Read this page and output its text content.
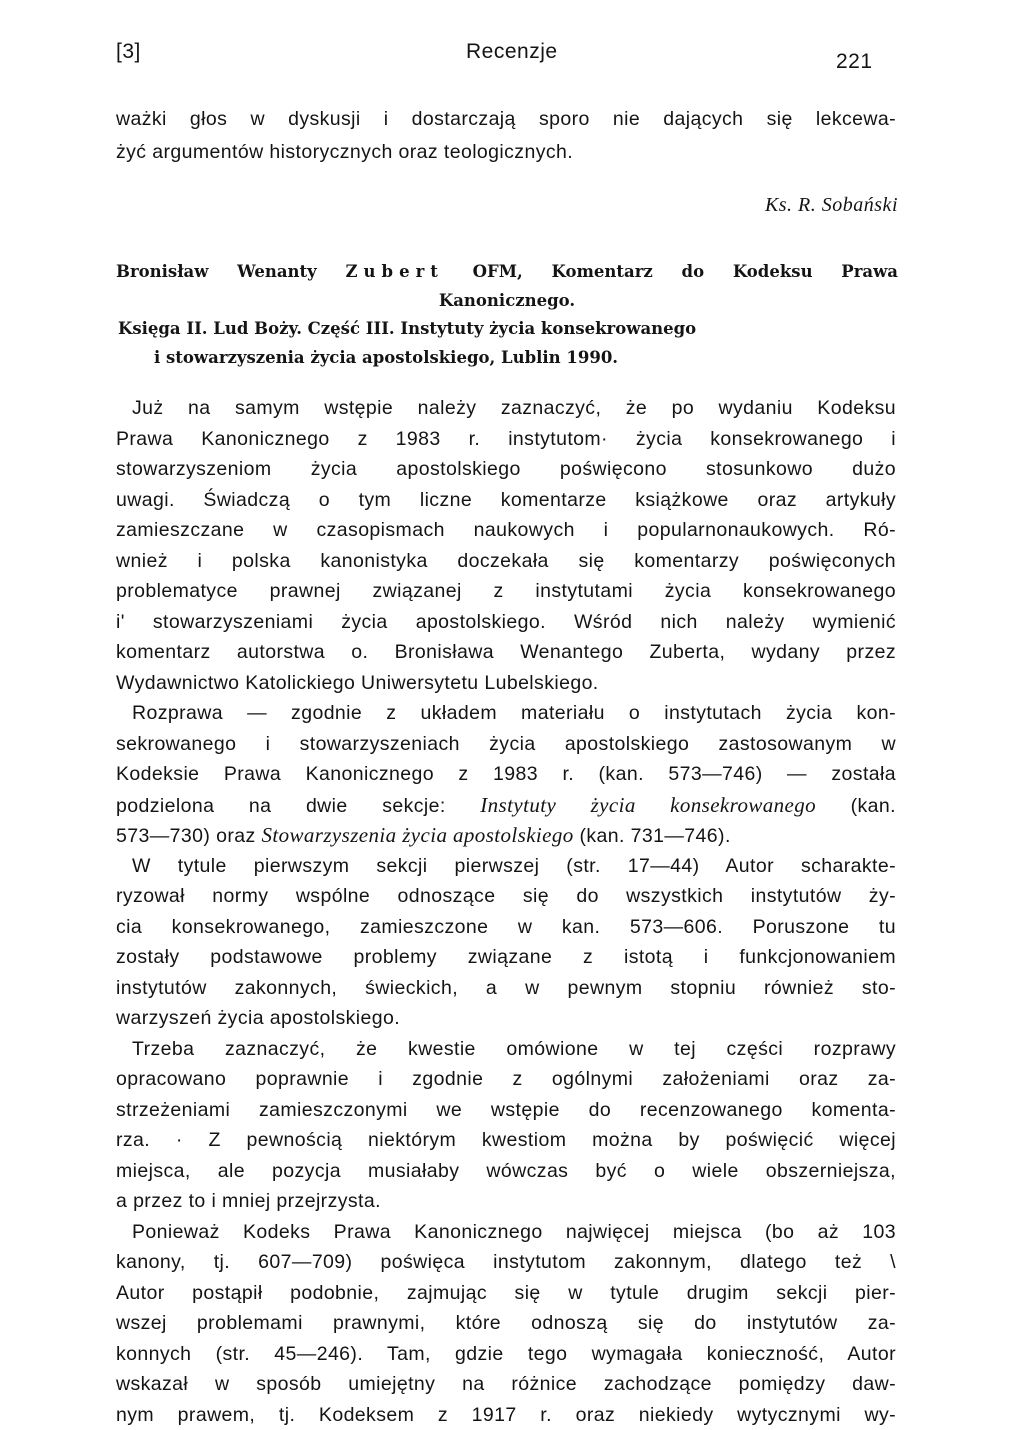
[3]	Recenzje	221
ważki głos w dyskusji i dostarczają sporo nie dających się lekcewa-
żyć argumentów historycznych oraz teologicznych.
Ks. R. Sobański
Bronisław Wenanty Zubert OFM, Komentarz do Kodeksu Prawa
Kanonicznego.
Księga II. Lud Boży. Część III. Instytuty życia konsekrowanego
i stowarzyszenia życia apostolskiego, Lublin 1990.
Już na samym wstępie należy zaznaczyć, że po wydaniu Kodeksu
Prawa Kanonicznego z 1983 r. instytutom· życia konsekrowanego i
stowarzyszeniom życia apostolskiego poświęcono stosunkowo dużo
uwagi. Świadczą o tym liczne komentarze książkowe oraz artykuły
zamieszczane w czasopismach naukowych i popularnonaukowych. Ró-
wnież i polska kanonistyka doczekała się komentarzy poświęconych
problematyce prawnej związanej z instytutami życia konsekrowanego
i' stowarzyszeniami życia apostolskiego. Wśród nich należy wymienić
komentarz autorstwa o. Bronisława Wenantego Zuberta, wydany przez
Wydawnictwo Katolickiego Uniwersytetu Lubelskiego.
Rozprawa — zgodnie z układem materiału o instytutach życia kon-
sekrowanego i stowarzyszeniach życia apostolskiego zastosowanym w
Kodeksie Prawa Kanonicznego z 1983 r. (kan. 573—746) — została
podzielona na dwie sekcje: Instytuty życia konsekrowanego (kan.
573—730) oraz Stowarzyszenia życia apostolskiego (kan. 731—746).
W tytule pierwszym sekcji pierwszej (str. 17—44) Autor scharakte-
ryzował normy wspólne odnoszące się do wszystkich instytutów ży-
cia konsekrowanego, zamieszczone w kan. 573—606. Poruszone tu
zostały podstawowe problemy związane z istotą i funkcjonowaniem
instytutów zakonnych, świeckich, a w pewnym stopniu również sto-
warzyszeń życia apostolskiego.
Trzeba zaznaczyć, że kwestie omówione w tej części rozprawy
opracowano poprawnie i zgodnie z ogólnymi założeniami oraz za-
strzeżeniami zamieszczonymi we wstępie do recenzowanego komenta-
rza. · Z pewnością niektórym kwestiom można by poświęcić więcej
miejsca, ale pozycja musiałaby wówczas być o wiele obszerniejsza,
a przez to i mniej przejrzysta.
Ponieważ Kodeks Prawa Kanonicznego najwięcej miejsca (bo aż 103
kanony, tj. 607—709) poświęca instytutom zakonnym, dlatego też \
Autor postąpił podobnie, zajmując się w tytule drugim sekcji pier-
wszej problemami prawnymi, które odnoszą się do instytutów za-
konnych (str. 45—246). Tam, gdzie tego wymagała konieczność, Autor
wskazał w sposób umiejętny na różnice zachodzące pomiędzy daw-
nym prawem, tj. Kodeksem z 1917 r. oraz niekiedy wytycznymi wy-
